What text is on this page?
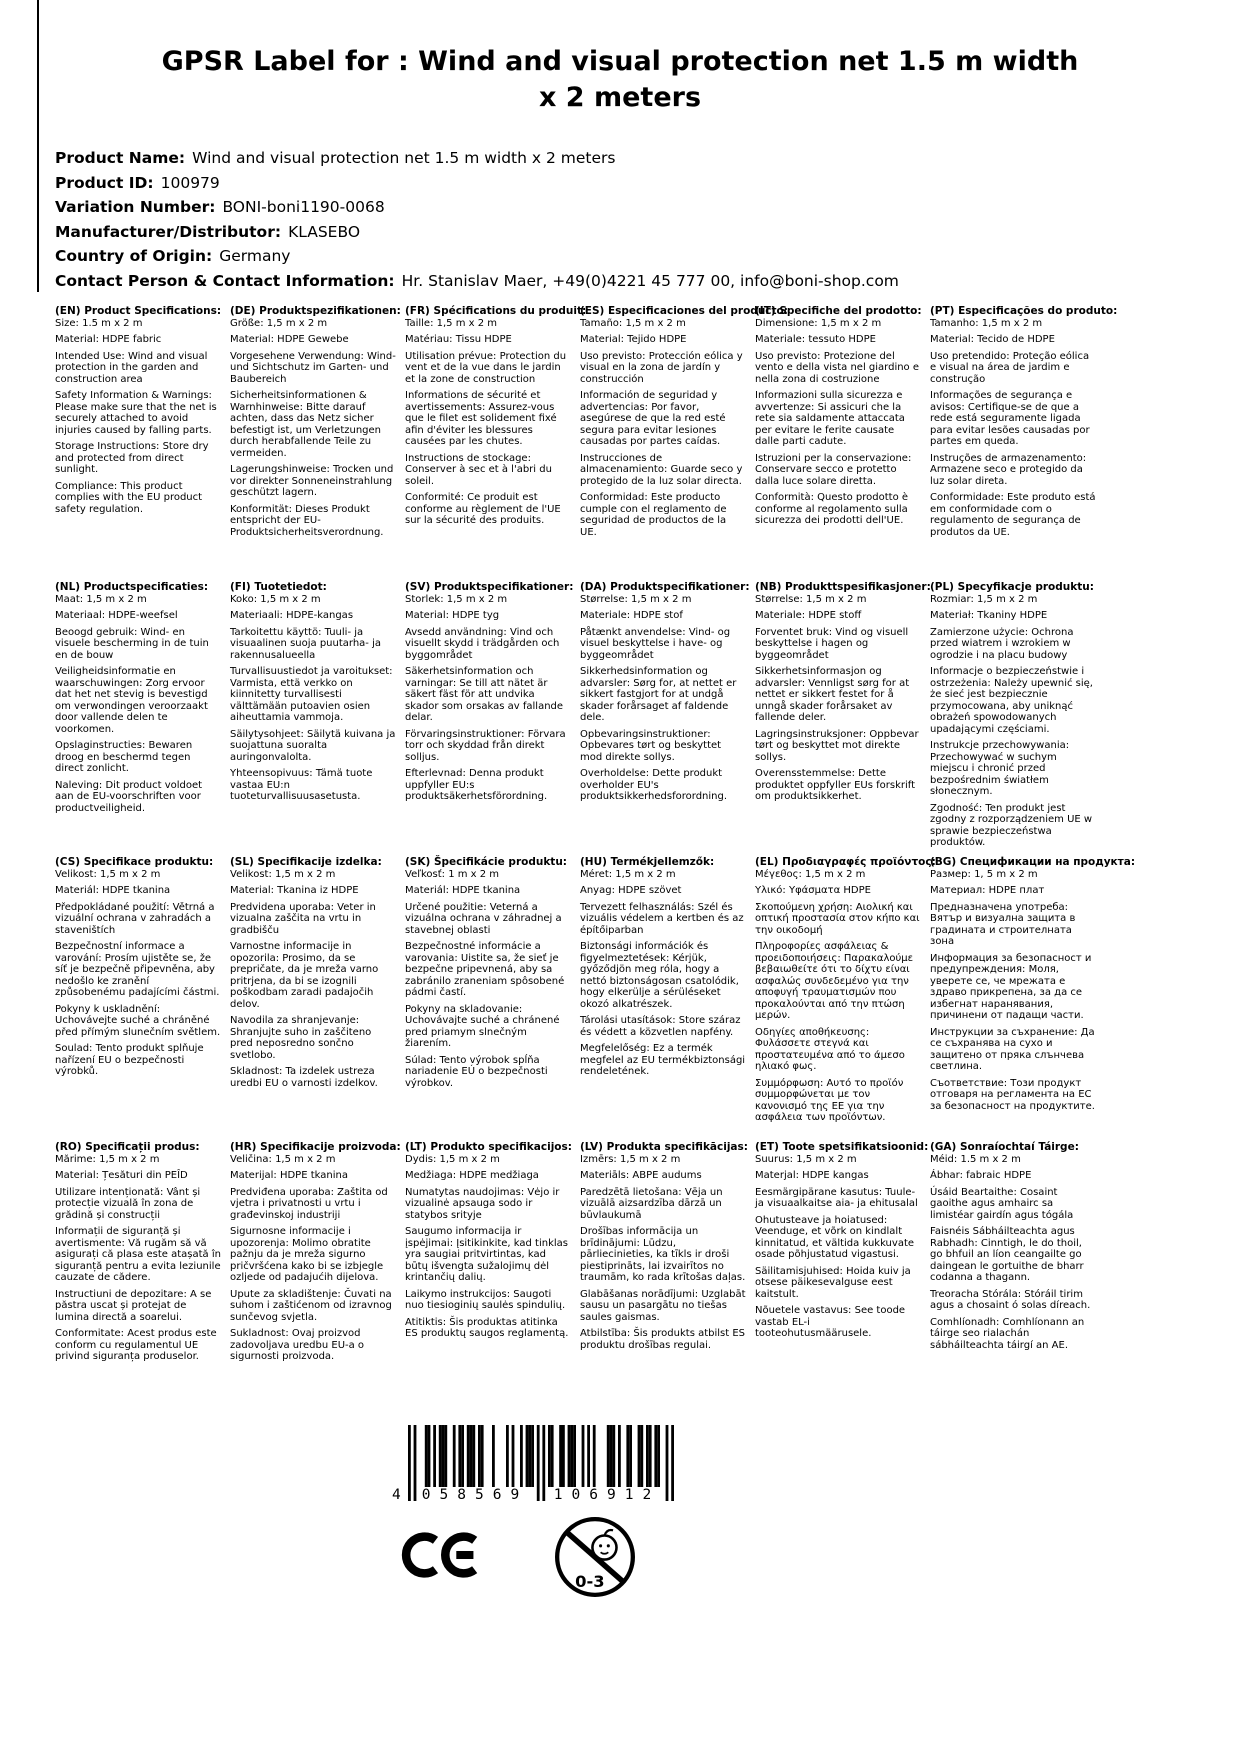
GPSR Label for : Wind and visual protection net 1.5 m width x 2 meters
Product Name: Wind and visual protection net 1.5 m width x 2 meters
Product ID: 100979
Variation Number: BONI-boni1190-0068
Manufacturer/Distributor: KLASEBO
Country of Origin: Germany
Contact Person & Contact Information: Hr. Stanislav Maer, +49(0)4221 45 777 00, info@boni-shop.com
(EN) Product Specifications:

Size: 1.5 m x 2 m

Material: HDPE fabric

Intended Use: Wind and visual protection in the garden and construction area

Safety Information & Warnings: Please make sure that the net is securely attached to avoid injuries caused by falling parts.

Storage Instructions: Store dry and protected from direct sunlight.

Compliance: This product complies with the EU product safety regulation.

(DE) Produktspezifikationen:

Größe: 1,5 m x 2 m

Material: HDPE Gewebe

Vorgesehene Verwendung: Wind- und Sichtschutz im Garten- und Baubereich

Sicherheitsinformationen & Warnhinweise: Bitte darauf achten, dass das Netz sicher befestigt ist, um Verletzungen durch herabfallende Teile zu vermeiden.

Lagerungshinweise: Trocken und vor direkter Sonneneinstrahlung geschützt lagern.

Konformität: Dieses Produkt entspricht der EU-Produktsicherheitsverordnung.

(FR) Spécifications du produit:

Taille: 1,5 m x 2 m

Matériau: Tissu HDPE

Utilisation prévue: Protection du vent et de la vue dans le jardin et la zone de construction

Informations de sécurité et avertissements: Assurez-vous que le filet est solidement fixé afin d'éviter les blessures causées par les chutes.

Instructions de stockage: Conserver à sec et à l'abri du soleil.

Conformité: Ce produit est conforme au règlement de l'UE sur la sécurité des produits.

(ES) Especificaciones del producto:

Tamaño: 1,5 m x 2 m

Material: Tejido HDPE

Uso previsto: Protección eólica y visual en la zona de jardín y construcción

Información de seguridad y advertencias: Por favor, asegúrese de que la red esté segura para evitar lesiones causadas por partes caídas.

Instrucciones de almacenamiento: Guarde seco y protegido de la luz solar directa.

Conformidad: Este producto cumple con el reglamento de seguridad de productos de la UE.

(IT) Specifiche del prodotto:

Dimensione: 1,5 m x 2 m

Materiale: tessuto HDPE

Uso previsto: Protezione del vento e della vista nel giardino e nella zona di costruzione

Informazioni sulla sicurezza e avvertenze: Si assicuri che la rete sia saldamente attaccata per evitare le ferite causate dalle parti cadute.

Istruzioni per la conservazione: Conservare secco e protetto dalla luce solare diretta.

Conformità: Questo prodotto è conforme al regolamento sulla sicurezza dei prodotti dell'UE.

(PT) Especificações do produto:

Tamanho: 1,5 m x 2 m

Material: Tecido de HDPE

Uso pretendido: Proteção eólica e visual na área de jardim e construção

Informações de segurança e avisos: Certifique-se de que a rede está seguramente ligada para evitar lesões causadas por partes em queda.

Instruções de armazenamento: Armazene seco e protegido da luz solar direta.

Conformidade: Este produto está em conformidade com o regulamento de segurança de produtos da UE.

(NL) Productspecificaties:

Maat: 1,5 m x 2 m

Materiaal: HDPE-weefsel

Beoogd gebruik: Wind- en visuele bescherming in de tuin en de bouw

Veiligheidsinformatie en waarschuwingen: Zorg ervoor dat het net stevig is bevestigd om verwondingen veroorzaakt door vallende delen te voorkomen.

Opslaginstructies: Bewaren droog en beschermd tegen direct zonlicht.

Naleving: Dit product voldoet aan de EU-voorschriften voor productveiligheid.

(FI) Tuotetiedot:

Koko: 1,5 m x 2 m

Materiaali: HDPE-kangas

Tarkoitettu käyttö: Tuuli- ja visuaalinen suoja puutarha- ja rakennusalueella

Turvallisuustiedot ja varoitukset: Varmista, että verkko on kiinnitetty turvallisesti välttämään putoavien osien aiheuttamia vammoja.

Säilytysohjeet: Säilytä kuivana ja suojattuna suoralta auringonvalolta.

Yhteensopivuus: Tämä tuote vastaa EU:n tuoteturvallisuusasetusta.

(SV) Produktspecifikationer:

Storlek: 1,5 m x 2 m

Material: HDPE tyg

Avsedd användning: Vind och visuellt skydd i trädgården och byggområdet

Säkerhetsinformation och varningar: Se till att nätet är säkert fäst för att undvika skador som orsakas av fallande delar.

Förvaringsinstruktioner: Förvara torr och skyddad från direkt solljus.

Efterlevnad: Denna produkt uppfyller EU:s produktsäkerhetsförordning.

(DA) Produktspecifikationer:

Størrelse: 1,5 m x 2 m

Materiale: HDPE stof

Påtænkt anvendelse: Vind- og visuel beskyttelse i have- og byggeområdet

Sikkerhedsinformation og advarsler: Sørg for, at nettet er sikkert fastgjort for at undgå skader forårsaget af faldende dele.

Opbevaringsinstruktioner: Opbevares tørt og beskyttet mod direkte sollys.

Overholdelse: Dette produkt overholder EU's produktsikkerhedsforordning.

(NB) Produkttspesifikasjoner:

Størrelse: 1,5 m x 2 m

Materiale: HDPE stoff

Forventet bruk: Vind og visuell beskyttelse i hagen og byggeområdet

Sikkerhetsinformasjon og advarsler: Vennligst sørg for at nettet er sikkert festet for å unngå skader forårsaket av fallende deler.

Lagringsinstruksjoner: Oppbevar tørt og beskyttet mot direkte sollys.

Overensstemmelse: Dette produktet oppfyller EUs forskrift om produktsikkerhet.

(PL) Specyfikacje produktu:

Rozmiar: 1,5 m x 2 m

Materiał: Tkaniny HDPE

Zamierzone użycie: Ochrona przed wiatrem i wzrokiem w ogrodzie i na placu budowy

Informacje o bezpieczeństwie i ostrzeżenia: Należy upewnić się, że sieć jest bezpiecznie przymocowana, aby uniknąć obrażeń spowodowanych upadającymi częściami.

Instrukcje przechowywania: Przechowywać w suchym miejscu i chronić przed bezpośrednim światłem słonecznym.

Zgodność: Ten produkt jest zgodny z rozporządzeniem UE w sprawie bezpieczeństwa produktów.

(CS) Specifikace produktu:

Velikost: 1,5 m x 2 m

Materiál: HDPE tkanina

Předpokládané použití: Větrná a vizuální ochrana v zahradách a staveništích

Bezpečnostní informace a varování: Prosím ujistěte se, že síť je bezpečně připevněna, aby nedošlo ke zranění způsobenému padajícími částmi.

Pokyny k uskladnění: Uchovávejte suché a chráněné před přímým slunečním světlem.

Soulad: Tento produkt splňuje nařízení EU o bezpečnosti výrobků.

(SL) Specifikacije izdelka:

Velikost: 1,5 m x 2 m

Material: Tkanina iz HDPE

Predvidena uporaba: Veter in vizualna zaščita na vrtu in gradbišču

Varnostne informacije in opozorila: Prosimo, da se prepričate, da je mreža varno pritrjena, da bi se izognili poškodbam zaradi padajočih delov.

Navodila za shranjevanje: Shranjujte suho in zaščiteno pred neposredno sončno svetlobo.

Skladnost: Ta izdelek ustreza uredbi EU o varnosti izdelkov.

(SK) Špecifikácie produktu:

Veľkosť: 1 m x 2 m

Materiál: HDPE tkanina

Určené použitie: Veterná a vizuálna ochrana v záhradnej a stavebnej oblasti

Bezpečnostné informácie a varovania: Uistite sa, že sieť je bezpečne pripevnená, aby sa zabránilo zraneniam spôsobené pádmi častí.

Pokyny na skladovanie: Uchovávajte suché a chránené pred priamym slnečným žiarením.

Súlad: Tento výrobok spĺňa nariadenie EÚ o bezpečnosti výrobkov.

(HU) Termékjellemzők:

Méret: 1,5 m x 2 m

Anyag: HDPE szövet

Tervezett felhasználás: Szél és vizuális védelem a kertben és az építőiparban

Biztonsági információk és figyelmeztetések: Kérjük, győződjön meg róla, hogy a nettó biztonságosan csatolódik, hogy elkerülje a sérüléseket okozó alkatrészek.

Tárolási utasítások: Store száraz és védett a közvetlen napfény.

Megfelelőség: Ez a termék megfelel az EU termékbiztonsági rendeletének.

(EL) Προδιαγραφές προϊόντος:

Μέγεθος: 1,5 m x 2 m

Υλικό: Υφάσματα HDPE

Σκοπούμενη χρήση: Αιολική και οπτική προστασία στον κήπο και την οικοδομή

Πληροφορίες ασφάλειας & προειδοποιήσεις: Παρακαλούμε βεβαιωθείτε ότι το δίχτυ είναι ασφαλώς συνδεδεμένο για την αποφυγή τραυματισμών που προκαλούνται από την πτώση μερών.

Οδηγίες αποθήκευσης: Φυλάσσετε στεγνά και προστατευμένα από το άμεσο ηλιακό φως.

Συμμόρφωση: Αυτό το προϊόν συμμορφώνεται με τον κανονισμό της ΕΕ για την ασφάλεια των προϊόντων.

(BG) Спецификации на продукта:

Размер: 1, 5 m x 2 m

Материал: HDPE плат

Предназначена употреба: Вятър и визуална защита в градината и строителната зона

Информация за безопасност и предупреждения: Моля, уверете се, че мрежата е здраво прикрепена, за да се избегнат наранявания, причинени от падащи части.

Инструкции за съхранение: Да се съхранява на сухо и защитено от пряка слънчева светлина.

Съответствие: Този продукт отговаря на регламента на ЕС за безопасност на продуктите.

(RO) Specificații produs:

Mărime: 1,5 m x 2 m

Material: Țesături din PEÎD

Utilizare intenționată: Vânt și protecție vizuală în zona de grădină și construcții

Informații de siguranță și avertismente: Vă rugăm să vă asigurați că plasa este atașată în siguranță pentru a evita leziunile cauzate de cădere.

Instructiuni de depozitare: A se păstra uscat și protejat de lumina directă a soarelui.

Conformitate: Acest produs este conform cu regulamentul UE privind siguranța produselor.

(HR) Specifikacije proizvoda:

Veličina: 1,5 m x 2 m

Materijal: HDPE tkanina

Predviđena uporaba: Zaštita od vjetra i privatnosti u vrtu i građevinskoj industriji

Sigurnosne informacije i upozorenja: Molimo obratite pažnju da je mreža sigurno pričvršćena kako bi se izbjegle ozljede od padajućih dijelova.

Upute za skladištenje: Čuvati na suhom i zaštićenom od izravnog sunčevog svjetla.

Sukladnost: Ovaj proizvod zadovoljava uredbu EU-a o sigurnosti proizvoda.

(LT) Produkto specifikacijos:

Dydis: 1,5 m x 2 m

Medžiaga: HDPE medžiaga

Numatytas naudojimas: Vėjo ir vizualinė apsauga sodo ir statybos srityje

Saugumo informacija ir įspėjimai: Įsitikinkite, kad tinklas yra saugiai pritvirtintas, kad būtų išvengta sužalojimų dėl krintančių dalių.

Laikymo instrukcijos: Saugoti nuo tiesioginių saulės spindulių.

Atitiktis: Šis produktas atitinka ES produktų saugos reglamentą.

(LV) Produkta specifikācijas:

Izmērs: 1,5 m x 2 m

Materiāls: ABPE audums

Paredzētā lietošana: Vēja un vizuālā aizsardzība dārzā un būvlaukumā

Drošības informācija un brīdinājumi: Lūdzu, pārliecinieties, ka tīkls ir droši piestiprināts, lai izvairītos no traumām, ko rada krītošas daļas.

Glabāšanas norādījumi: Uzglabāt sausu un pasargātu no tiešas saules gaismas.

Atbilstība: Šis produkts atbilst ES produktu drošības regulai.

(ET) Toote spetsifikatsioonid:

Suurus: 1,5 m x 2 m

Materjal: HDPE kangas

Eesmärgipärane kasutus: Tuule- ja visuaalkaitse aia- ja ehitusalal

Ohutusteave ja hoiatused: Veenduge, et võrk on kindlalt kinnitatud, et vältida kukkuvate osade põhjustatud vigastusi.

Säilitamisjuhised: Hoida kuiv ja otsese päikesevalguse eest kaitstult.

Nõuetele vastavus: See toode vastab EL-i tooteohutusmäärusele.

(GA) Sonraíochtaí Táirge:

Méid: 1.5 m x 2 m

Ábhar: fabraic HDPE

Úsáid Beartaithe: Cosaint gaoithe agus amhairc sa limistéar gairdín agus tógála

Faisnéis Sábháilteachta agus Rabhadh: Cinntigh, le do thoil, go bhfuil an líon ceangailte go daingean le gortuithe de bharr codanna a thagann.

Treoracha Stórála: Stóráil tirim agus a chosaint ó solas díreach.

Comhlíonadh: Comhlíonann an táirge seo rialachán sábháilteachta táirgí an AE.

4 058569 106912
0-3
